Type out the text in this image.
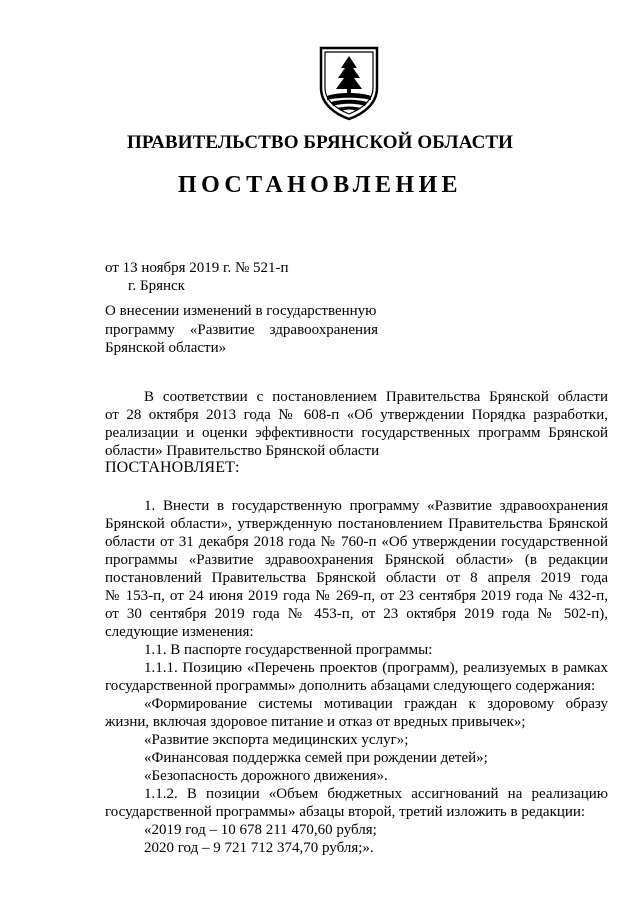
ПРАВИТЕЛЬСТВО БРЯНСКОЙ ОБЛАСТИ
ПОСТАНОВЛЕНИЕ
от 13 ноября 2019 г. № 521-п
г. Брянск
О внесении изменений в государственную
программу «Развитие здравоохранения
Брянской области»
В соответствии с постановлением Правительства Брянской области
от 28 октября 2013 года № 608-п «Об утверждении Порядка разработки,
реализации и оценки эффективности государственных программ Брянской
области» Правительство Брянской области
ПОСТАНОВЛЯЕТ:
1. Внести в государственную программу «Развитие здравоохранения
Брянской области», утвержденную постановлением Правительства Брянской
области от 31 декабря 2018 года № 760-п «Об утверждении государственной
программы «Развитие здравоохранения Брянской области» (в редакции
постановлений Правительства Брянской области от 8 апреля 2019 года
№ 153-п, от 24 июня 2019 года № 269-п, от 23 сентября 2019 года № 432-п,
от 30 сентября 2019 года № 453-п, от 23 октября 2019 года № 502-п),
следующие изменения:
1.1. В паспорте государственной программы:
1.1.1. Позицию «Перечень проектов (программ), реализуемых в рамках
государственной программы» дополнить абзацами следующего содержания:
«Формирование системы мотивации граждан к здоровому образу
жизни, включая здоровое питание и отказ от вредных привычек»;
«Развитие экспорта медицинских услуг»;
«Финансовая поддержка семей при рождении детей»;
«Безопасность дорожного движения».
1.1.2. В позиции «Объем бюджетных ассигнований на реализацию
государственной программы» абзацы второй, третий изложить в редакции:
«2019 год – 10 678 211 470,60 рубля;
2020 год – 9 721 712 374,70 рубля;».
